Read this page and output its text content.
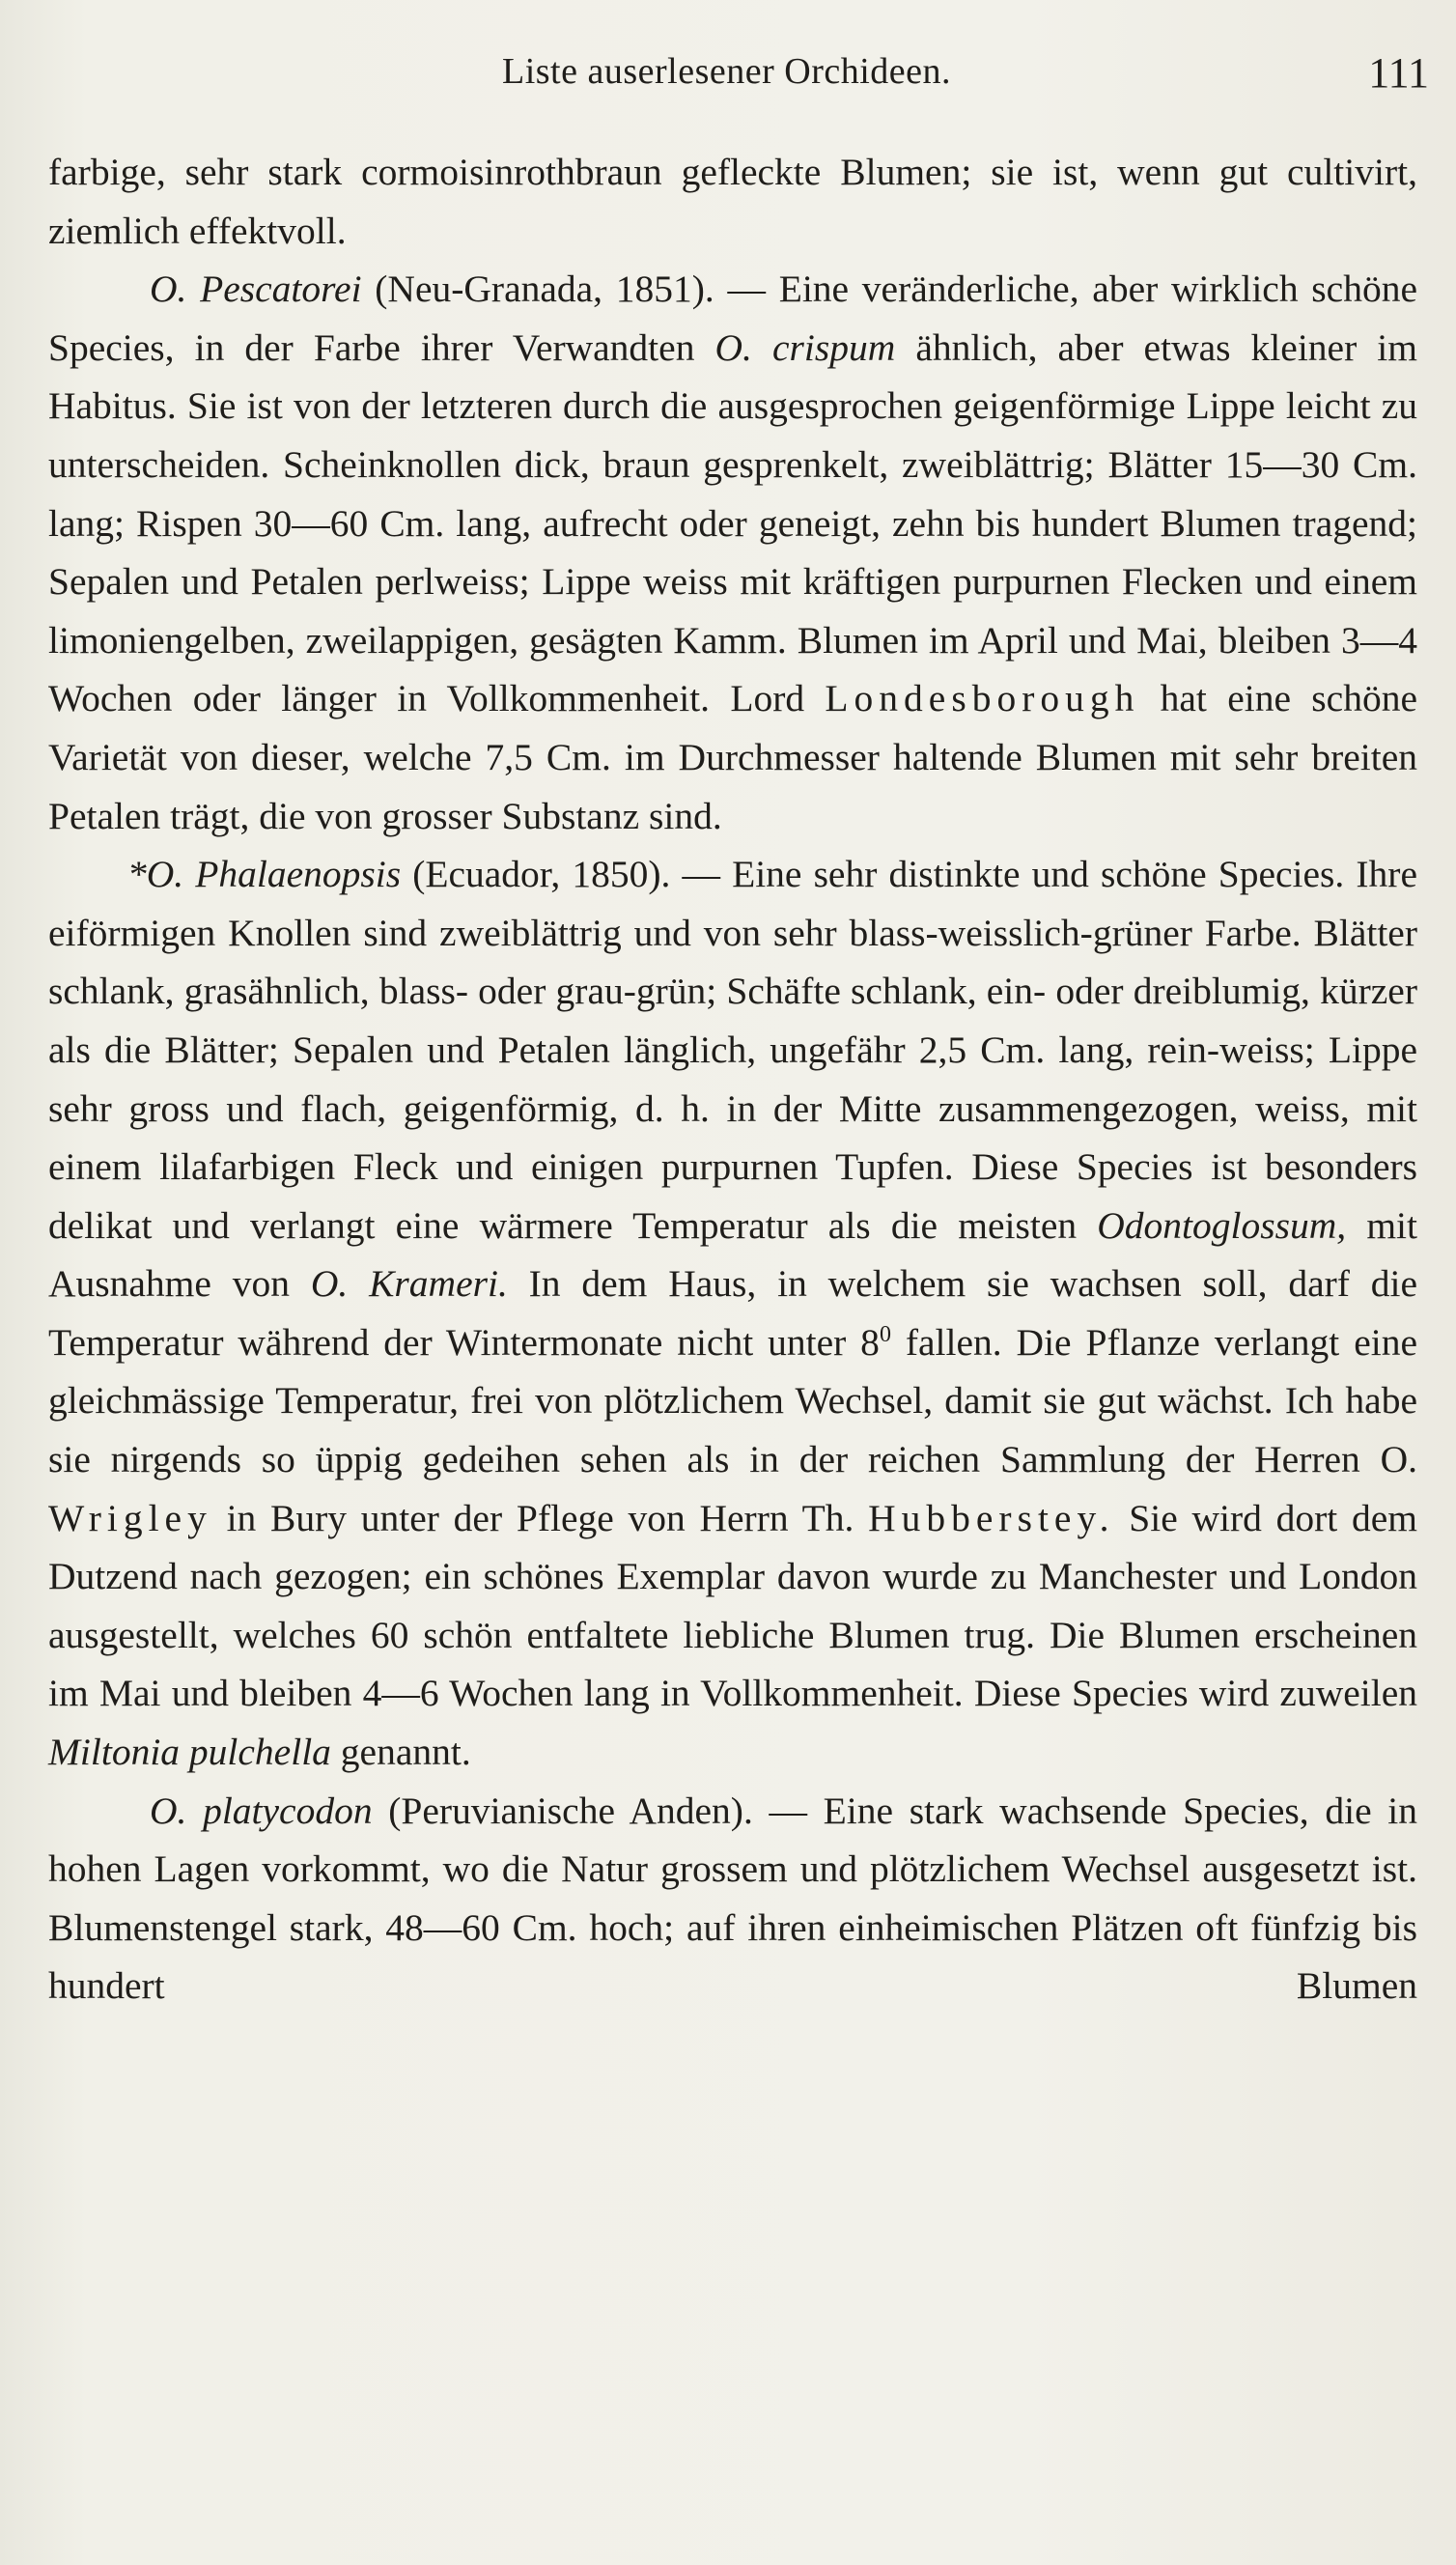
Liste auserlesener Orchideen.	111

farbige, sehr stark cormoisinrothbraun gefleckte Blumen; sie ist, wenn gut cultivirt, ziemlich effektvoll.

O. Pescatorei (Neu-Granada, 1851). — Eine veränderliche, aber wirklich schöne Species, in der Farbe ihrer Verwandten O. crispum ähnlich, aber etwas kleiner im Habitus. Sie ist von der letzteren durch die ausgesprochen geigenförmige Lippe leicht zu unterscheiden. Scheinknollen dick, braun gesprenkelt, zweiblättrig; Blätter 15—30 Cm. lang; Rispen 30—60 Cm. lang, aufrecht oder geneigt, zehn bis hundert Blumen tragend; Sepalen und Petalen perlweiss; Lippe weiss mit kräftigen purpurnen Flecken und einem limoniengelben, zweilappigen, gesägten Kamm. Blumen im April und Mai, bleiben 3—4 Wochen oder länger in Vollkommenheit. Lord Londesborough hat eine schöne Varietät von dieser, welche 7,5 Cm. im Durchmesser haltende Blumen mit sehr breiten Petalen trägt, die von grosser Substanz sind.

*O. Phalaenopsis (Ecuador, 1850). — Eine sehr distinkte und schöne Species. Ihre eiförmigen Knollen sind zweiblättrig und von sehr blass-weisslich-grüner Farbe. Blätter schlank, grasähnlich, blass- oder grau-grün; Schäfte schlank, ein- oder dreiblumig, kürzer als die Blätter; Sepalen und Petalen länglich, ungefähr 2,5 Cm. lang, rein-weiss; Lippe sehr gross und flach, geigenförmig, d. h. in der Mitte zusammengezogen, weiss, mit einem lilafarbigen Fleck und einigen purpurnen Tupfen. Diese Species ist besonders delikat und verlangt eine wärmere Temperatur als die meisten Odontoglossum, mit Ausnahme von O. Krameri. In dem Haus, in welchem sie wachsen soll, darf die Temperatur während der Wintermonate nicht unter $8^0$ fallen. Die Pflanze verlangt eine gleichmässige Temperatur, frei von plötzlichem Wechsel, damit sie gut wächst. Ich habe sie nirgends so üppig gedeihen sehen als in der reichen Sammlung der Herren O. Wrigley in Bury unter der Pflege von Herrn Th. Hubberstey. Sie wird dort dem Dutzend nach gezogen; ein schönes Exemplar davon wurde zu Manchester und London ausgestellt, welches 60 schön entfaltete liebliche Blumen trug. Die Blumen erscheinen im Mai und bleiben 4—6 Wochen lang in Vollkommenheit. Diese Species wird zuweilen Miltonia pulchella genannt.

O. platycodon (Peruvianische Anden). — Eine stark wachsende Species, die in hohen Lagen vorkommt, wo die Natur grossem und plötzlichem Wechsel ausgesetzt ist. Blumenstengel stark, 48—60 Cm. hoch; auf ihren einheimischen Plätzen oft fünfzig bis hundert Blumen
